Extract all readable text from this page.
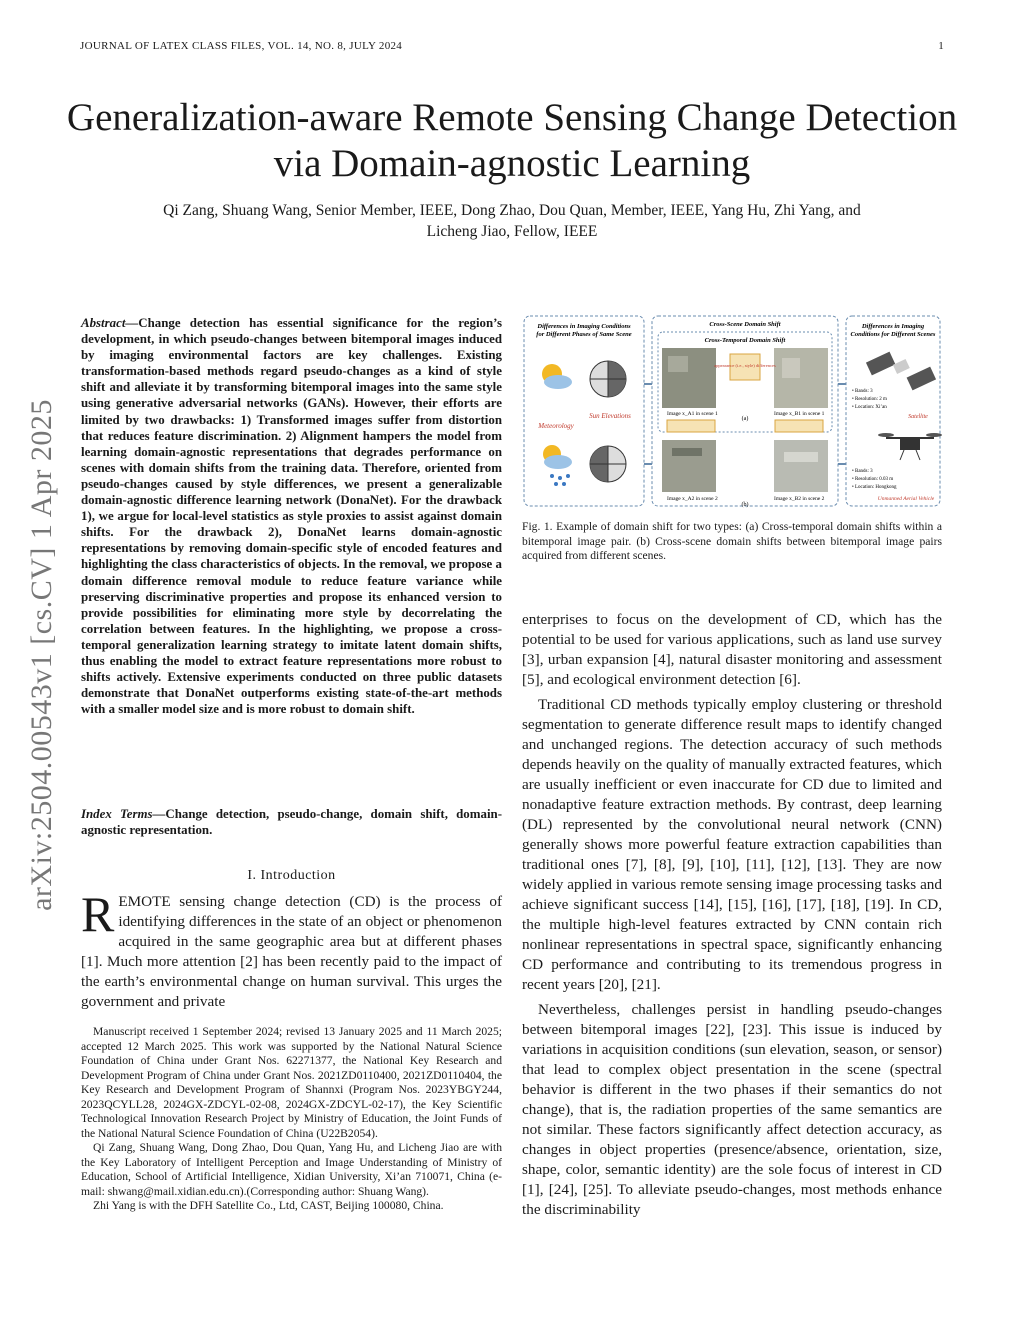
JOURNAL OF LATEX CLASS FILES, VOL. 14, NO. 8, JULY 2024	1
arXiv:2504.00543v1 [cs.CV] 1 Apr 2025
Generalization-aware Remote Sensing Change Detection via Domain-agnostic Learning
Qi Zang, Shuang Wang, Senior Member, IEEE, Dong Zhao, Dou Quan, Member, IEEE, Yang Hu, Zhi Yang, and
Licheng Jiao, Fellow, IEEE
Abstract—Change detection has essential significance for the region’s development, in which pseudo-changes between bitemporal images induced by imaging environmental factors are key challenges. Existing transformation-based methods regard pseudo-changes as a kind of style shift and alleviate it by transforming bitemporal images into the same style using generative adversarial networks (GANs). However, their efforts are limited by two drawbacks: 1) Transformed images suffer from distortion that reduces feature discrimination. 2) Alignment hampers the model from learning domain-agnostic representations that degrades performance on scenes with domain shifts from the training data. Therefore, oriented from pseudo-changes caused by style differences, we present a generalizable domain-agnostic difference learning network (DonaNet). For the drawback 1), we argue for local-level statistics as style proxies to assist against domain shifts. For the drawback 2), DonaNet learns domain-agnostic representations by removing domain-specific style of encoded features and highlighting the class characteristics of objects. In the removal, we propose a domain difference removal module to reduce feature variance while preserving discriminative properties and propose its enhanced version to provide possibilities for eliminating more style by decorrelating the correlation between features. In the highlighting, we propose a cross-temporal generalization learning strategy to imitate latent domain shifts, thus enabling the model to extract feature representations more robust to shifts actively. Extensive experiments conducted on three public datasets demonstrate that DonaNet outperforms existing state-of-the-art methods with a smaller model size and is more robust to domain shift.
Index Terms—Change detection, pseudo-change, domain shift, domain-agnostic representation.
I. Introduction
REMOTE sensing change detection (CD) is the process of identifying differences in the state of an object or phenomenon acquired in the same geographic area but at different phases [1]. Much more attention [2] has been recently paid to the impact of the earth’s environmental change on human survival. This urges the government and private

Manuscript received 1 September 2024; revised 13 January 2025 and 11 March 2025; accepted 12 March 2025. This work was supported by the National Natural Science Foundation of China under Grant Nos. 62271377, the National Key Research and Development Program of China under Grant Nos. 2021ZD0110400, 2021ZD0110404, the Key Research and Development Program of Shannxi (Program Nos. 2023YBGY244, 2023QCYLL28, 2024GX-ZDCYL-02-08, 2024GX-ZDCYL-02-17), the Key Scientific Technological Innovation Research Project by Ministry of Education, the Joint Funds of the National Natural Science Foundation of China (U22B2054).

Qi Zang, Shuang Wang, Dong Zhao, Dou Quan, Yang Hu, and Licheng Jiao are with the Key Laboratory of Intelligent Perception and Image Understanding of Ministry of Education, School of Artificial Intelligence, Xidian University, Xi’an 710071, China (e-mail: shwang@mail.xidian.edu.cn).(Corresponding author: Shuang Wang).

Zhi Yang is with the DFH Satellite Co., Ltd, CAST, Beijing 100080, China.

Differences in Imaging Conditions
for Different Phases of Same Scene
Meteorology
Sun Elevations
Cross-Scene Domain Shift
Cross-Temporal Domain Shift
appearance (i.e., style) differences
Image x_A1 in scene 1	Image x_B1 in scene 1
(a)
Image x_A2 in scene 2	Image x_B2 in scene 2
(b)
Differences in Imaging
Conditions for Different Scenes
• Bands: 3
• Resolution: 2 m
• Location: Xi’an
Satellite
• Bands: 3
• Resolution: 0.03 m
• Location: Hongkong
Unmanned Aerial Vehicle
Fig. 1. Example of domain shift for two types: (a) Cross-temporal domain shifts within a bitemporal image pair. (b) Cross-scene domain shifts between bitemporal image pairs acquired from different scenes.

enterprises to focus on the development of CD, which has the potential to be used for various applications, such as land use survey [3], urban expansion [4], natural disaster monitoring and assessment [5], and ecological environment detection [6].

Traditional CD methods typically employ clustering or threshold segmentation to generate difference result maps to identify changed and unchanged regions. The detection accuracy of such methods depends heavily on the quality of manually extracted features, which are usually inefficient or even inaccurate for CD due to limited and nonadaptive feature extraction methods. By contrast, deep learning (DL) represented by the convolutional neural network (CNN) generally shows more powerful feature extraction capabilities than traditional ones [7], [8], [9], [10], [11], [12], [13]. They are now widely applied in various remote sensing image processing tasks and achieve significant success [14], [15], [16], [17], [18], [19]. In CD, the multiple high-level features extracted by CNN contain rich nonlinear representations in spectral space, significantly enhancing CD performance and contributing to its tremendous progress in recent years [20], [21].

Nevertheless, challenges persist in handling pseudo-changes between bitemporal images [22], [23]. This issue is induced by variations in acquisition conditions (sun elevation, season, or sensor) that lead to complex object presentation in the scene (spectral behavior is different in the two phases if their semantics do not change), that is, the radiation properties of the same semantics are not similar. These factors significantly affect detection accuracy, as changes in object properties (presence/absence, orientation, size, shape, color, semantic identity) are the sole focus of interest in CD [1], [24], [25]. To alleviate pseudo-changes, most methods enhance the discriminability
